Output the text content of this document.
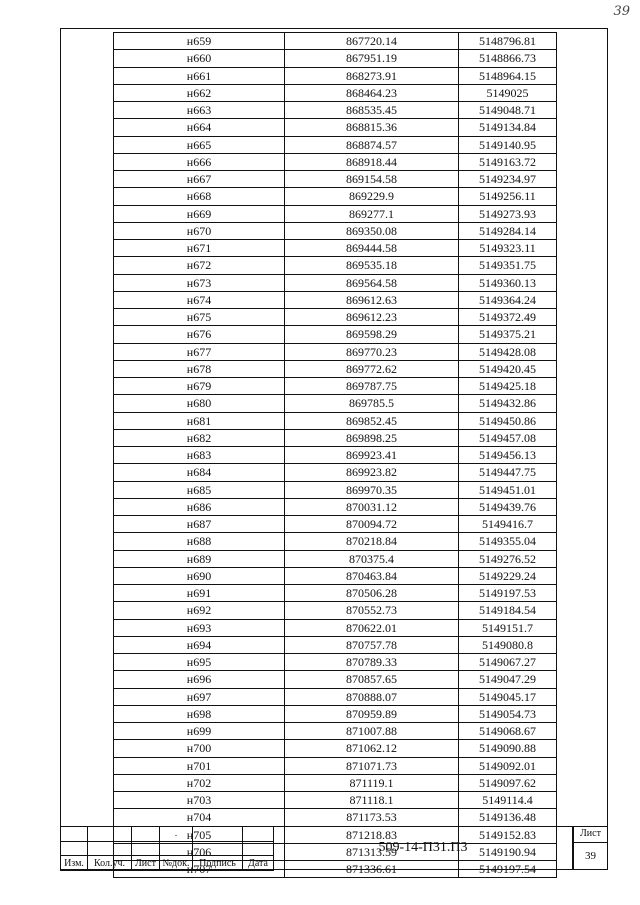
39
н659	867720.14	5148796.81
н660	867951.19	5148866.73
н661	868273.91	5148964.15
н662	868464.23	5149025
н663	868535.45	5149048.71
н664	868815.36	5149134.84
н665	868874.57	5149140.95
н666	868918.44	5149163.72
н667	869154.58	5149234.97
н668	869229.9	5149256.11
н669	869277.1	5149273.93
н670	869350.08	5149284.14
н671	869444.58	5149323.11
н672	869535.18	5149351.75
н673	869564.58	5149360.13
н674	869612.63	5149364.24
н675	869612.23	5149372.49
н676	869598.29	5149375.21
н677	869770.23	5149428.08
н678	869772.62	5149420.45
н679	869787.75	5149425.18
н680	869785.5	5149432.86
н681	869852.45	5149450.86
н682	869898.25	5149457.08
н683	869923.41	5149456.13
н684	869923.82	5149447.75
н685	869970.35	5149451.01
н686	870031.12	5149439.76
н687	870094.72	5149416.7
н688	870218.84	5149355.04
н689	870375.4	5149276.52
н690	870463.84	5149229.24
н691	870506.28	5149197.53
н692	870552.73	5149184.54
н693	870622.01	5149151.7
н694	870757.78	5149080.8
н695	870789.33	5149067.27
н696	870857.65	5149047.29
н697	870888.07	5149045.17
н698	870959.89	5149054.73
н699	871007.88	5149068.67
н700	871062.12	5149090.88
н701	871071.73	5149092.01
н702	871119.1	5149097.62
н703	871118.1	5149114.4
н704	871173.53	5149136.48
н705	871218.83	5149152.83
н706	871313.59	5149190.94
н707	871336.61	5149197.54
			.		

Изм.	Кол.уч.	Лист	№док.	Подпись	Дата
509-14-П31.П3
Лист
39
